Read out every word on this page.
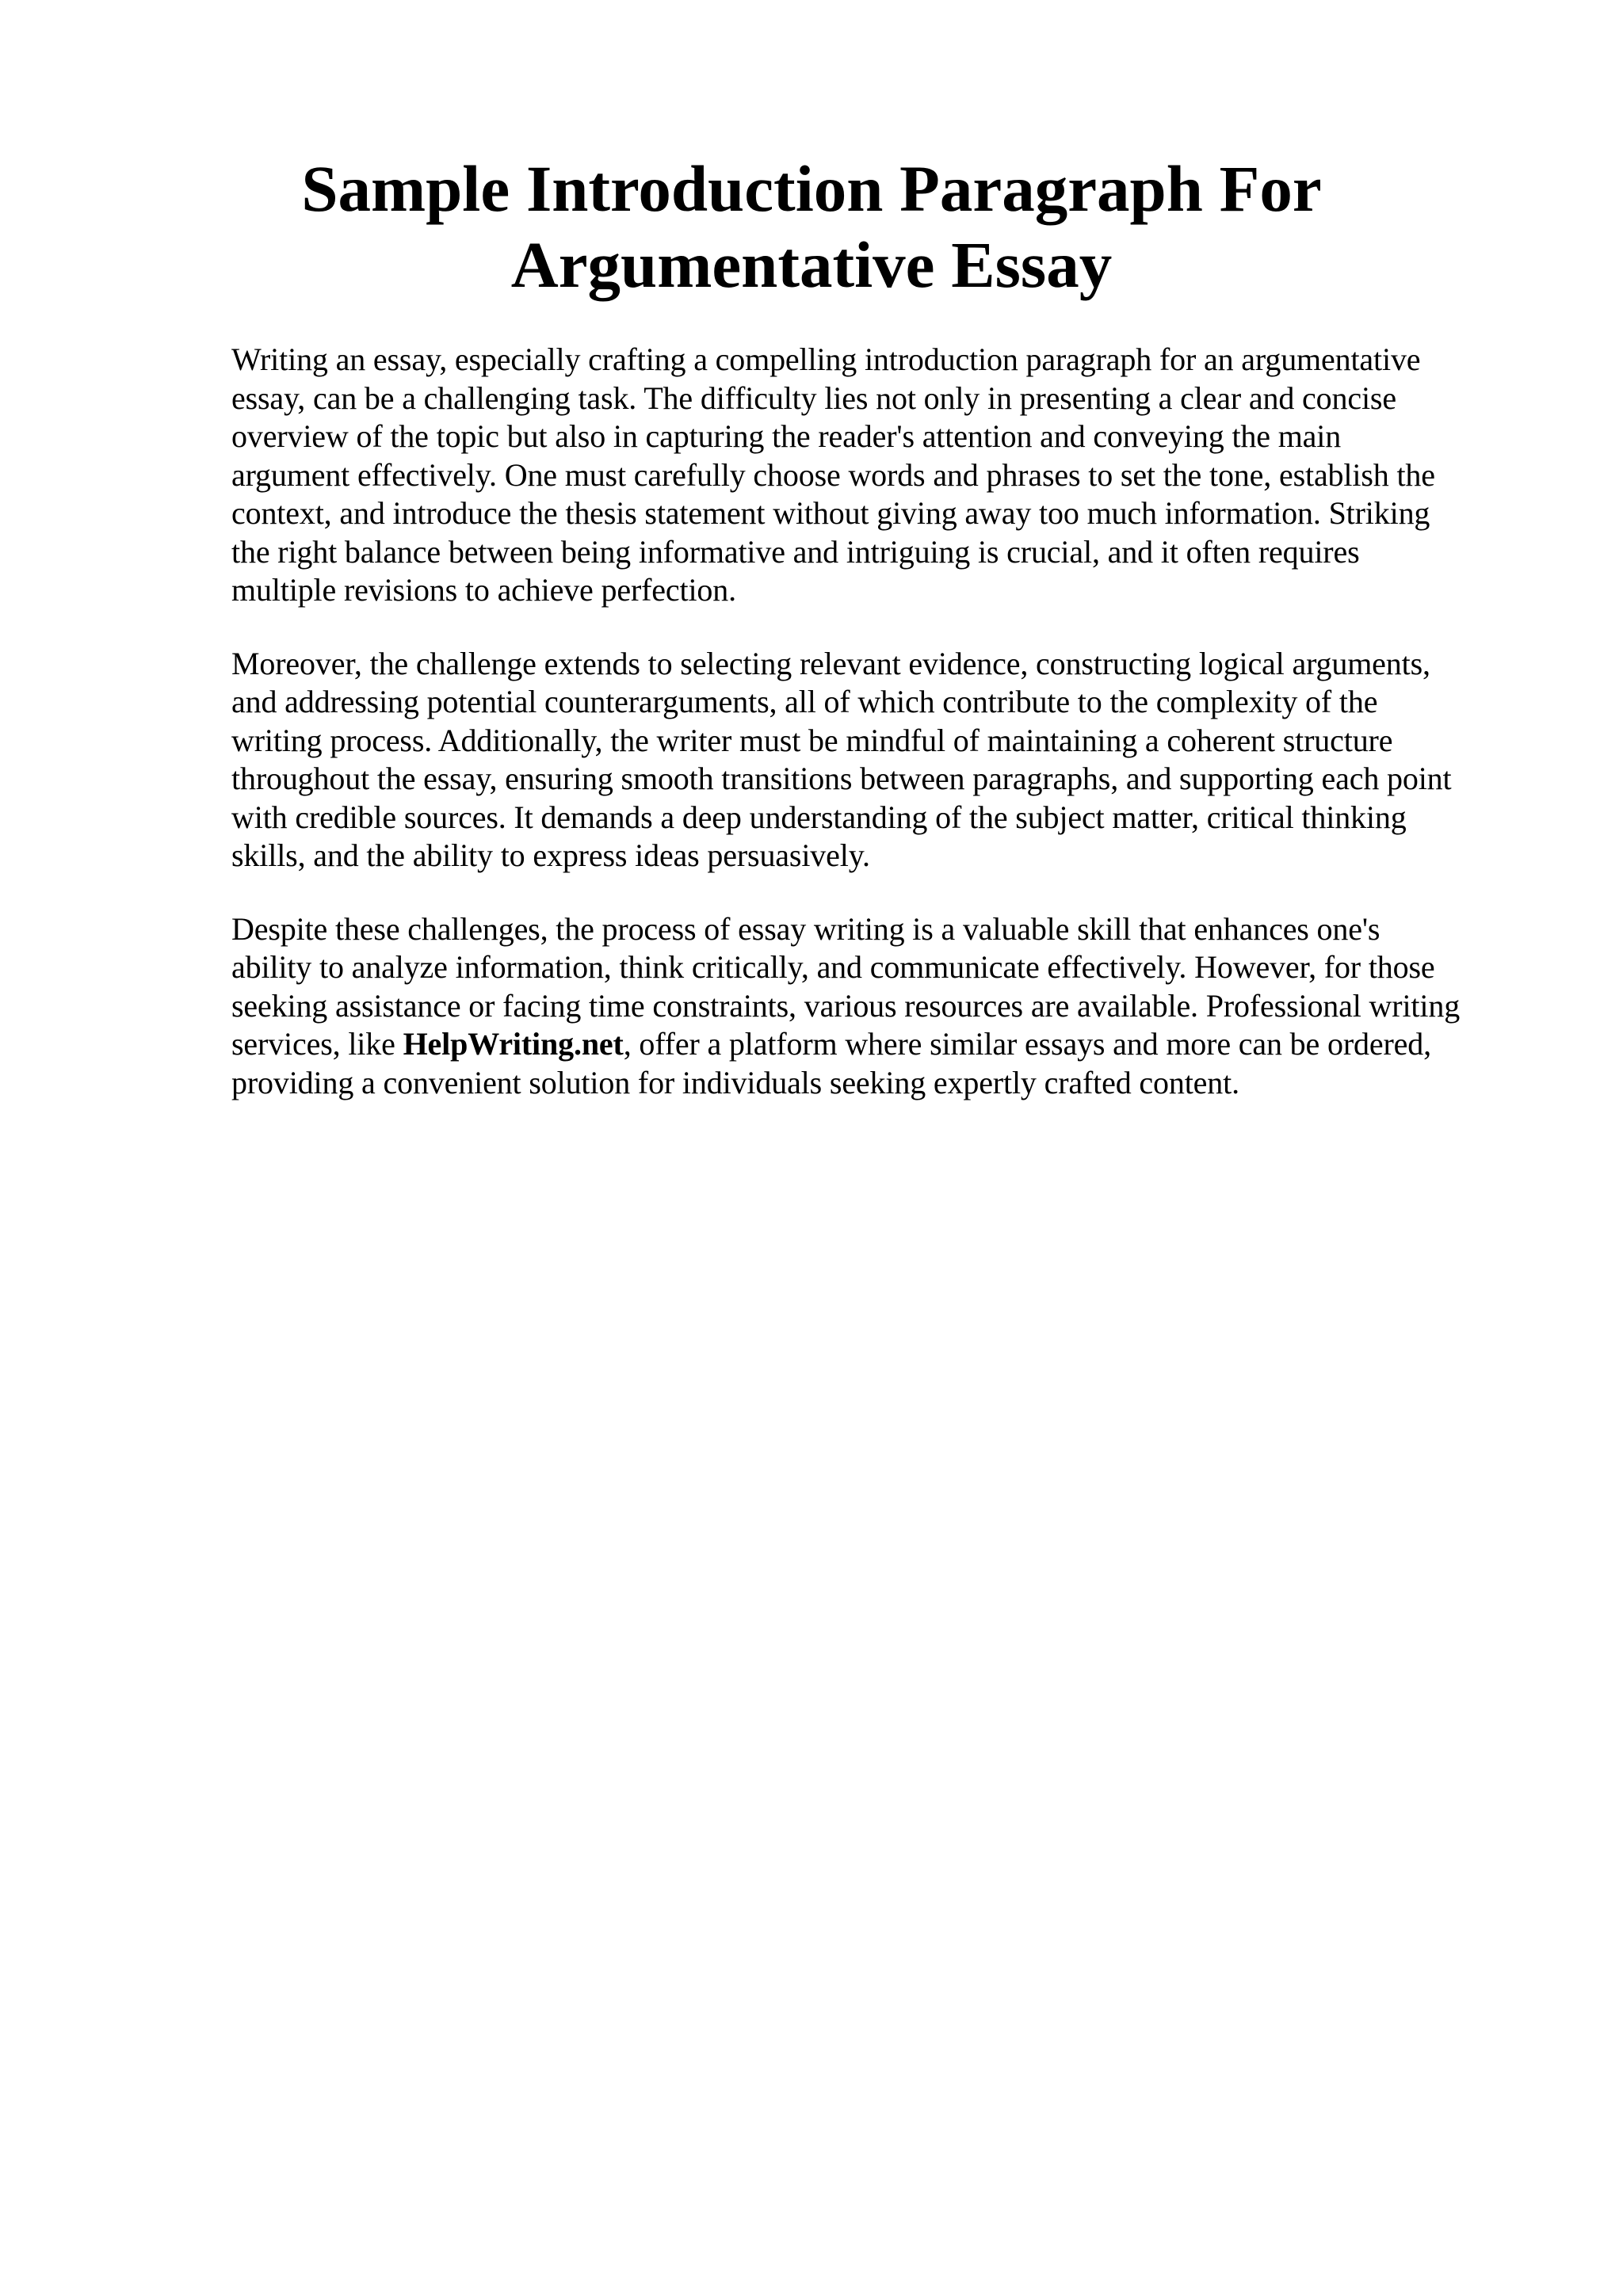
Sample Introduction Paragraph For
Argumentative Essay

Writing an essay, especially crafting a compelling introduction paragraph for an argumentative
essay, can be a challenging task. The difficulty lies not only in presenting a clear and concise
overview of the topic but also in capturing the reader's attention and conveying the main
argument effectively. One must carefully choose words and phrases to set the tone, establish the
context, and introduce the thesis statement without giving away too much information. Striking
the right balance between being informative and intriguing is crucial, and it often requires
multiple revisions to achieve perfection.

Moreover, the challenge extends to selecting relevant evidence, constructing logical arguments,
and addressing potential counterarguments, all of which contribute to the complexity of the
writing process. Additionally, the writer must be mindful of maintaining a coherent structure
throughout the essay, ensuring smooth transitions between paragraphs, and supporting each point
with credible sources. It demands a deep understanding of the subject matter, critical thinking
skills, and the ability to express ideas persuasively.

Despite these challenges, the process of essay writing is a valuable skill that enhances one's
ability to analyze information, think critically, and communicate effectively. However, for those
seeking assistance or facing time constraints, various resources are available. Professional writing
services, like HelpWriting.net, offer a platform where similar essays and more can be ordered,
providing a convenient solution for individuals seeking expertly crafted content.
